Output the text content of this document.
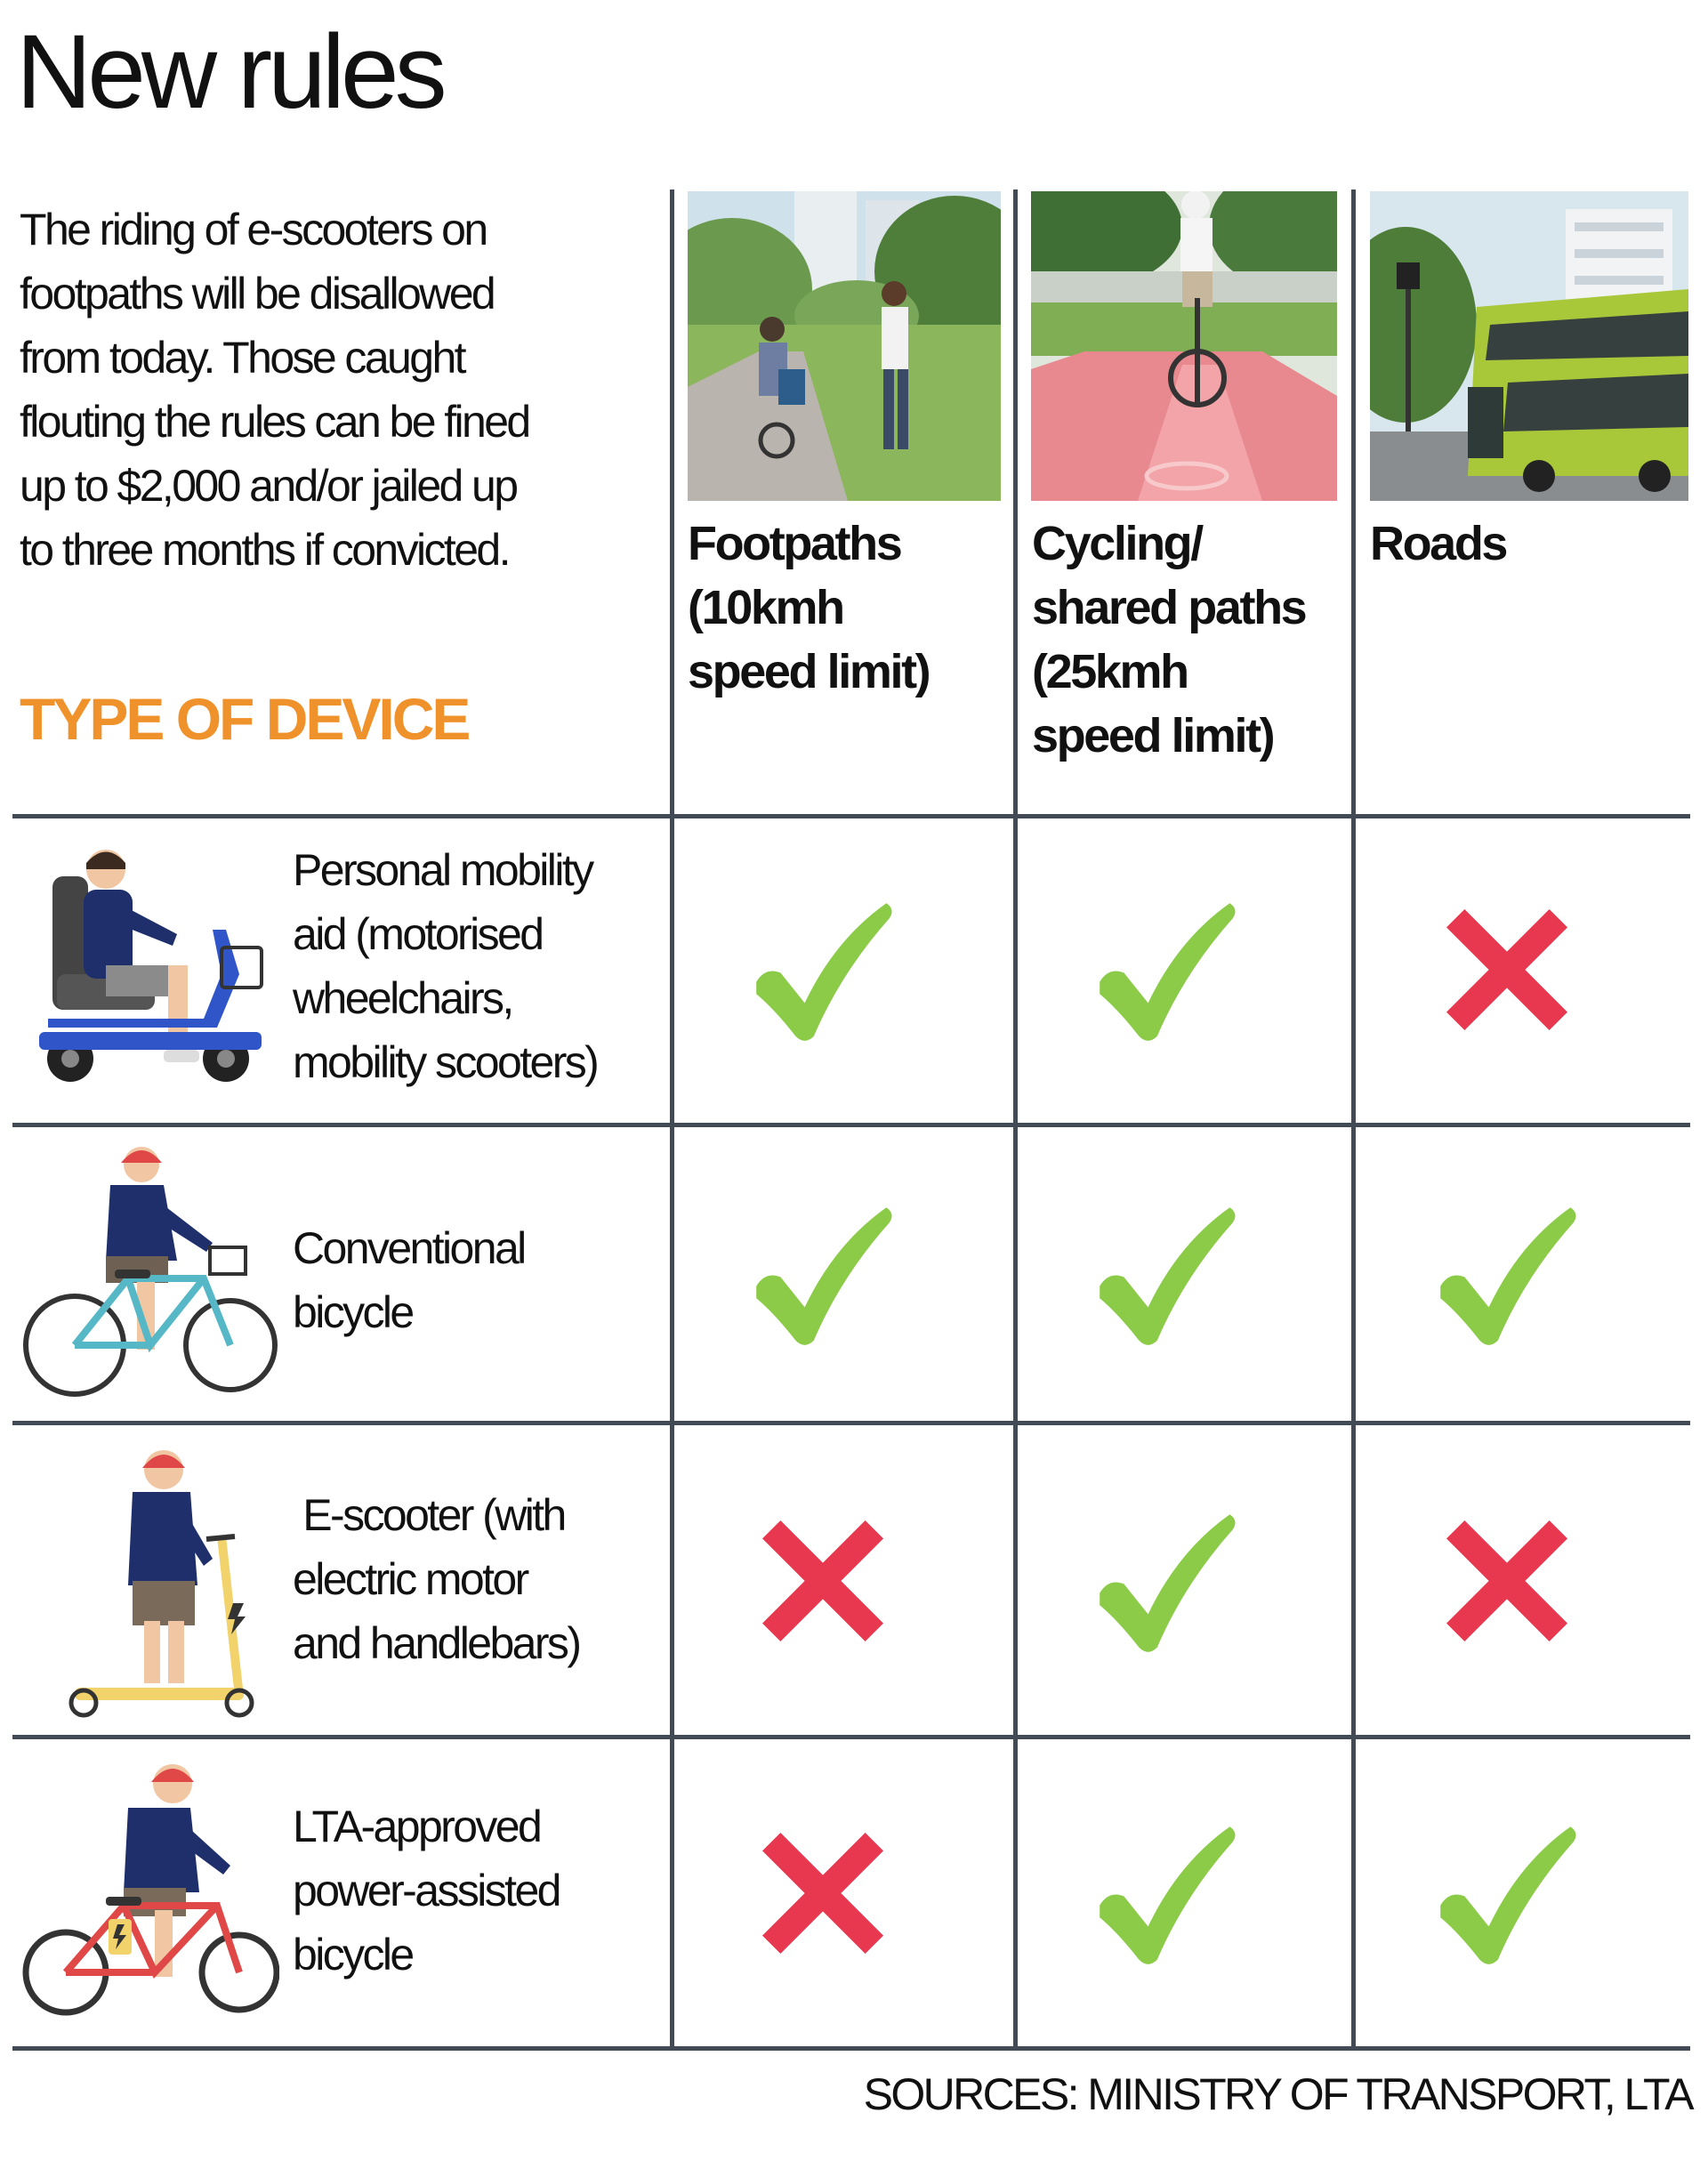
New rules

The riding of e-scooters on
footpaths will be disallowed
from today. Those caught
flouting the rules can be fined
up to $2,000 and/or jailed up
to three months if convicted.

TYPE OF DEVICE
Footpaths
(10kmh
speed limit)
Cycling/
shared paths
(25kmh
speed limit)
Roads
Personal mobility
aid (motorised
wheelchairs,
mobility scooters)
Conventional
bicycle
E-scooter (with
electric motor
and handlebars)
LTA-approved
power-assisted
bicycle
SOURCES: MINISTRY OF TRANSPORT, LTA
